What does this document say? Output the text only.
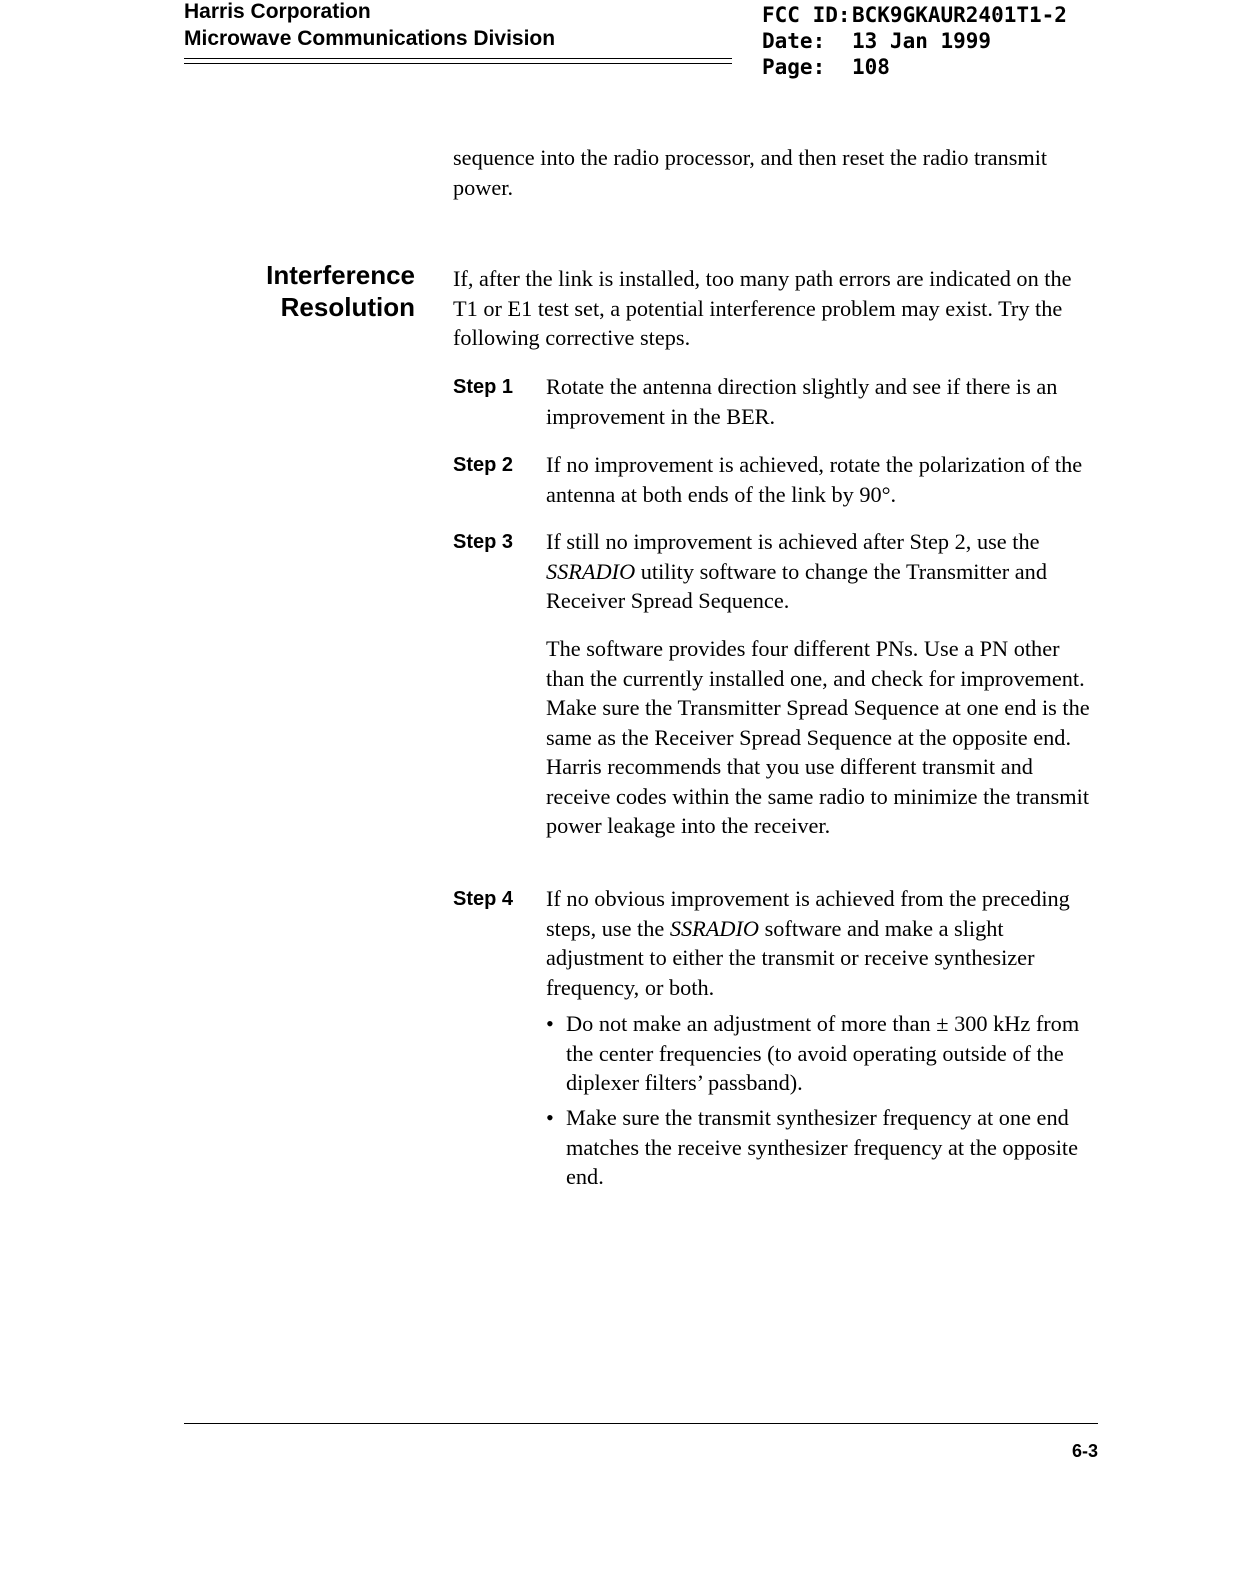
Harris Corporation
Microwave Communications Division
FCC ID: BCK9GKAUR2401T1-2
Date:	13 Jan 1999
Page:	108
sequence into the radio processor, and then reset the radio transmit power.
Interference
Resolution
If, after the link is installed, too many path errors are indicated on the T1 or E1 test set, a potential interference problem may exist. Try the following corrective steps.
Step 1 Rotate the antenna direction slightly and see if there is an improvement in the BER.
Step 2 If no improvement is achieved, rotate the polarization of the antenna at both ends of the link by 90°.
Step 3 If still no improvement is achieved after Step 2, use the SSRADIO utility software to change the Transmitter and Receiver Spread Sequence.
The software provides four different PNs. Use a PN other than the currently installed one, and check for improvement. Make sure the Transmitter Spread Sequence at one end is the same as the Receiver Spread Sequence at the opposite end. Harris recommends that you use different transmit and receive codes within the same radio to minimize the transmit power leakage into the receiver.
Step 4 If no obvious improvement is achieved from the preceding steps, use the SSRADIO software and make a slight adjustment to either the transmit or receive synthesizer frequency, or both.
• Do not make an adjustment of more than ± 300 kHz from the center frequencies (to avoid operating outside of the diplexer filters’ passband).
• Make sure the transmit synthesizer frequency at one end matches the receive synthesizer frequency at the opposite end.
6-3
